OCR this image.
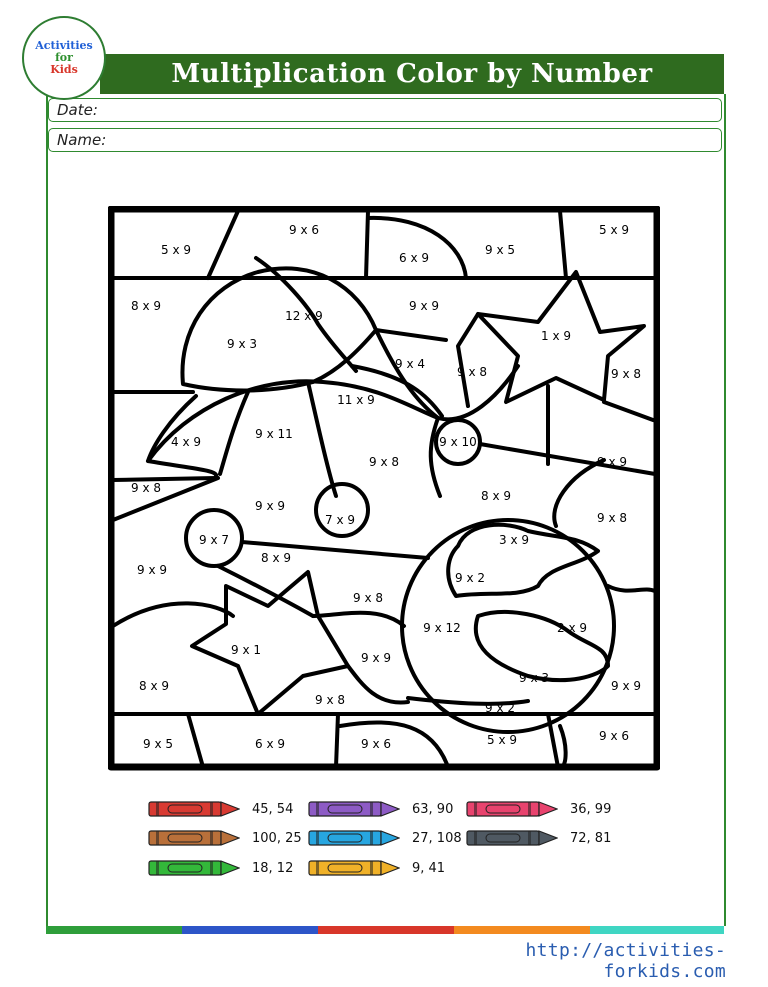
Activities
for
Kids	Multiplication Color by Number
Date:
Name:
5 x 9
9 x 6
6 x 9
9 x 5
5 x 9
8 x 9
12 x 9
9 x 9
9 x 3
9 x 4
1 x 9
9 x 8	9 x 8
11 x 9
4 x 9
9 x 11
9 x 10
9 x 8	9 x 9
9 x 8
8 x 9
9 x 8
9 x 9
7 x 9
9 x 7	3 x 9
9 x 9
8 x 9
9 x 2
9 x 8
9 x 12	2 x 9
9 x 1
9 x 9
8 x 9
9 x 3
9 x 9
9 x 8
9 x 2
9 x 5	6 x 9	9 x 6	5 x 9	9 x 6
45, 54	63, 90	36, 99
100, 25	27, 108	72, 81
18, 12	9, 41
http://activities-forkids.com
